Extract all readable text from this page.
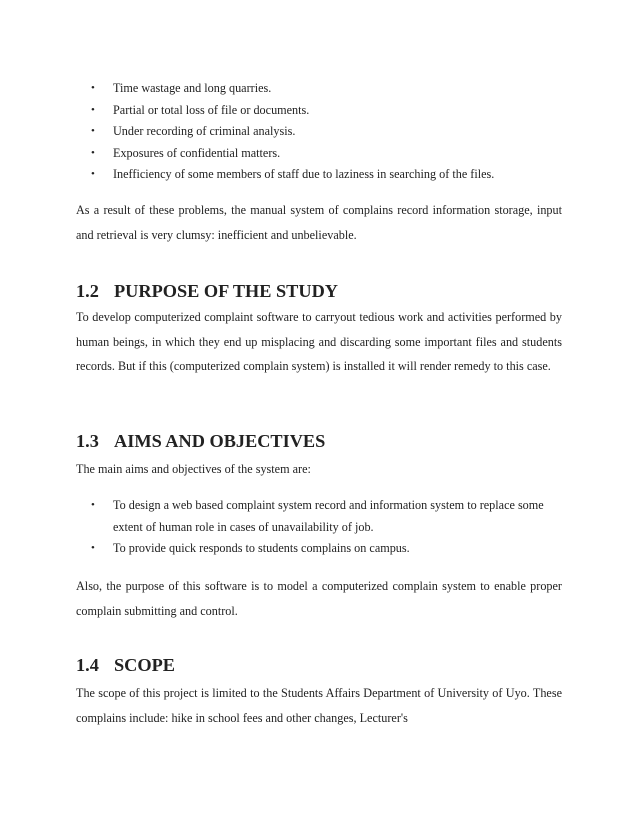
• Time wastage and long quarries.
• Partial or total loss of file or documents.
• Under recording of criminal analysis.
• Exposures of confidential matters.
• Inefficiency of some members of staff due to laziness in searching of the files.

As a result of these problems, the manual system of complains record information storage, input and retrieval is very clumsy: inefficient and unbelievable.

1.2 PURPOSE OF THE STUDY

To develop computerized complaint software to carryout tedious work and activities performed by human beings, in which they end up misplacing and discarding some important files and students records. But if this (computerized complain system) is installed it will render remedy to this case.

1.3 AIMS AND OBJECTIVES

The main aims and objectives of the system are:

• To design a web based complaint system record and information system to replace some extent of human role in cases of unavailability of job.
• To provide quick responds to students complains on campus.

Also, the purpose of this software is to model a computerized complain system to enable proper complain submitting and control.

1.4 SCOPE

The scope of this project is limited to the Students Affairs Department of University of Uyo. These complains include: hike in school fees and other changes, Lecturer's
